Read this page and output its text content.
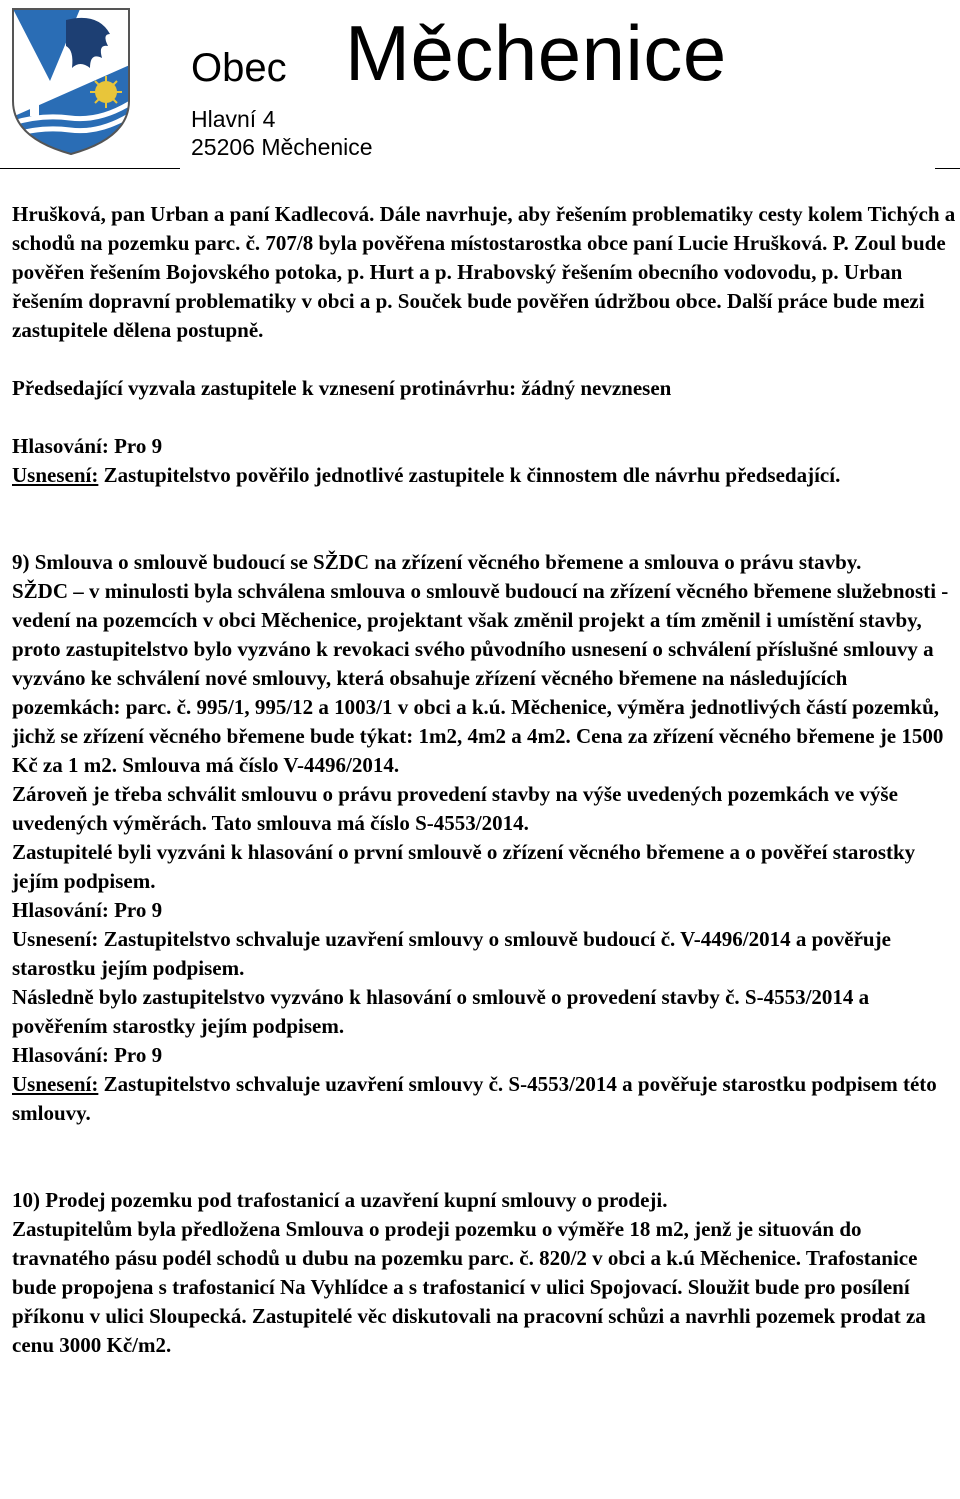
Obec Měchenice
Hlavní 4
25206 Měchenice

Hrušková, pan Urban a paní Kadlecová. Dále navrhuje, aby řešením problematiky cesty kolem Tichých a schodů na pozemku parc. č. 707/8 byla pověřena místostarostka obce paní Lucie Hrušková. P. Zoul bude pověřen řešením Bojovského potoka, p. Hurt a p. Hrabovský řešením obecního vodovodu, p. Urban řešením dopravní problematiky v obci a p. Souček bude pověřen údržbou obce. Další práce bude mezi zastupitele dělena postupně.

Předsedající vyzvala zastupitele k vznesení protinávrhu: žádný nevznesen

Hlasování: Pro 9

Usnesení: Zastupitelstvo pověřilo jednotlivé zastupitele k činnostem dle návrhu předsedající.

9) Smlouva o smlouvě budoucí se SŽDC na zřízení věcného břemene a smlouva o právu stavby.

SŽDC – v minulosti byla schválena smlouva o smlouvě budoucí na zřízení věcného břemene služebnosti - vedení na pozemcích v obci Měchenice, projektant však změnil projekt a tím změnil i umístění stavby, proto zastupitelstvo bylo vyzváno k revokaci svého původního usnesení o schválení příslušné smlouvy a vyzváno ke schválení nové smlouvy, která obsahuje zřízení věcného břemene na následujících pozemkách: parc. č. 995/1, 995/12 a 1003/1 v obci a k.ú. Měchenice, výměra jednotlivých částí pozemků, jichž se zřízení věcného břemene bude týkat: 1m2, 4m2 a 4m2. Cena za zřízení věcného břemene je 1500 Kč za 1 m2. Smlouva má číslo V-4496/2014.

Zároveň je třeba schválit smlouvu o právu provedení stavby na výše uvedených pozemkách ve výše uvedených výměrách. Tato smlouva má číslo S-4553/2014.

Zastupitelé byli vyzváni k hlasování o první smlouvě o zřízení věcného břemene a o pověřeí starostky jejím podpisem.

Hlasování: Pro 9

Usnesení: Zastupitelstvo schvaluje uzavření smlouvy o smlouvě budoucí č. V-4496/2014 a pověřuje starostku jejím podpisem.

Následně bylo zastupitelstvo vyzváno k hlasování o smlouvě o provedení stavby č. S-4553/2014 a pověřením starostky jejím podpisem.

Hlasování: Pro 9

Usnesení: Zastupitelstvo schvaluje uzavření smlouvy č. S-4553/2014 a pověřuje starostku podpisem této smlouvy.

10) Prodej pozemku pod trafostanicí a uzavření kupní smlouvy o prodeji.

Zastupitelům byla předložena Smlouva o prodeji pozemku o výměře 18 m2, jenž je situován do travnatého pásu podél schodů u dubu na pozemku parc. č. 820/2 v obci a k.ú Měchenice. Trafostanice bude propojena s trafostanicí Na Vyhlídce a s trafostanicí v ulici Spojovací. Sloužit bude pro posílení příkonu v ulici Sloupecká. Zastupitelé věc diskutovali na pracovní schůzi a navrhli pozemek prodat za cenu 3000 Kč/m2.
